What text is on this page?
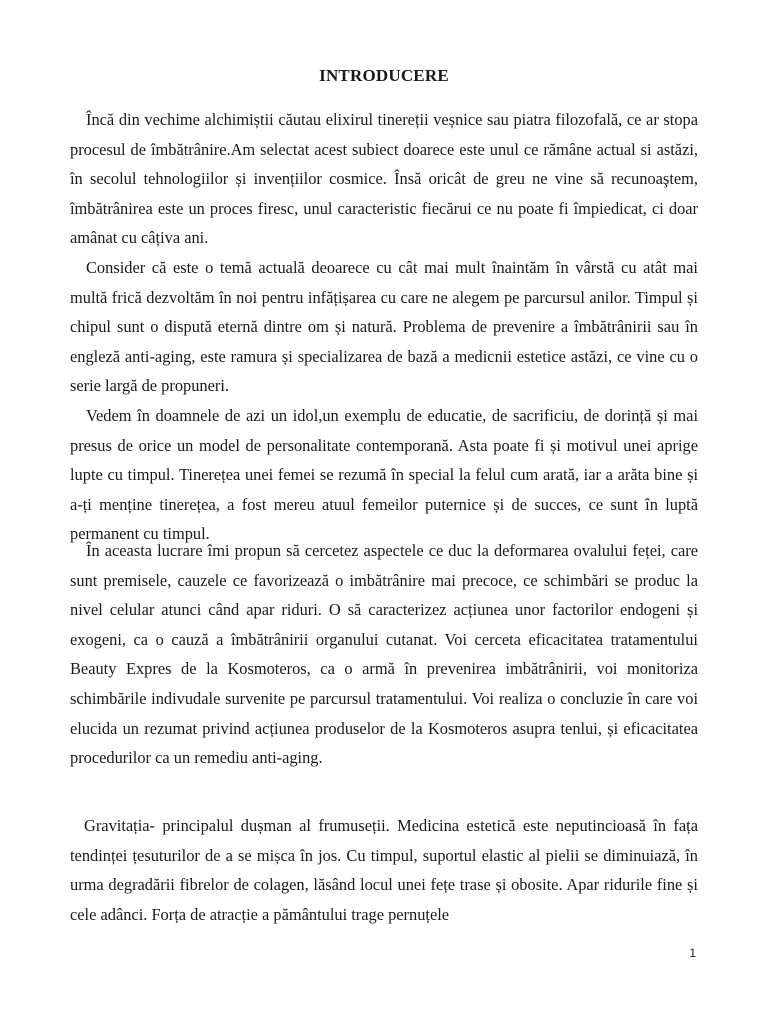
INTRODUCERE

Încă din vechime alchimiștii căutau elixirul tinereții veșnice sau piatra filozofală, ce ar stopa procesul de îmbătrânire.Am selectat acest subiect doarece este unul ce rămâne actual si astăzi, în secolul tehnologiilor și invențiilor cosmice. Însă oricât de greu ne vine să recunoaştem, îmbătrânirea este un proces firesc, unul caracteristic fiecărui ce nu poate fi împiedicat, ci doar amânat cu câțiva ani.

Consider că este o temă actuală deoarece cu cât mai mult înaintăm în vârstă cu atât mai multă frică dezvoltăm în noi pentru infățișarea cu care ne alegem pe parcursul anilor. Timpul și chipul sunt o dispută eternă dintre om și natură. Problema de prevenire a îmbătrânirii sau în engleză anti-aging, este ramura și specializarea de bază a medicnii estetice astăzi, ce vine cu o serie largă de propuneri.

Vedem în doamnele de azi un idol,un exemplu de educatie, de sacrificiu, de dorință și mai presus de orice un model de personalitate contemporană. Asta poate fi și motivul unei aprige lupte cu timpul. Tinerețea unei femei se rezumă în special la felul cum arată, iar a arăta bine și a-ți menține tinerețea, a fost mereu atuul femeilor puternice și de succes, ce sunt în luptă permanent cu timpul.

În aceasta lucrare îmi propun să cercetez aspectele ce duc la deformarea ovalului feței, care sunt premisele, cauzele ce favorizează o imbătrânire mai precoce, ce schimbări se produc la nivel celular atunci când apar riduri. O să caracterizez acțiunea unor factorilor endogeni și exogeni, ca o cauză a îmbătrânirii organului cutanat. Voi cerceta eficacitatea tratamentului Beauty Expres de la Kosmoteros, ca o armă în prevenirea imbătrânirii, voi monitoriza schimbările indivudale survenite pe parcursul tratamentului. Voi realiza o concluzie în care voi elucida un rezumat privind acțiunea produselor de la Kosmoteros asupra tenlui, și eficacitatea procedurilor ca un remediu anti-aging.

Gravitația- principalul dușman al frumuseții. Medicina estetică este neputincioasă în fața tendinței țesuturilor de a se mișca în jos. Cu timpul, suportul elastic al pielii se diminuiază, în urma degradării fibrelor de colagen, lăsând locul unei fețe trase și obosite. Apar ridurile fine și cele adânci. Forța de atracție a pământului trage pernuțele

1
